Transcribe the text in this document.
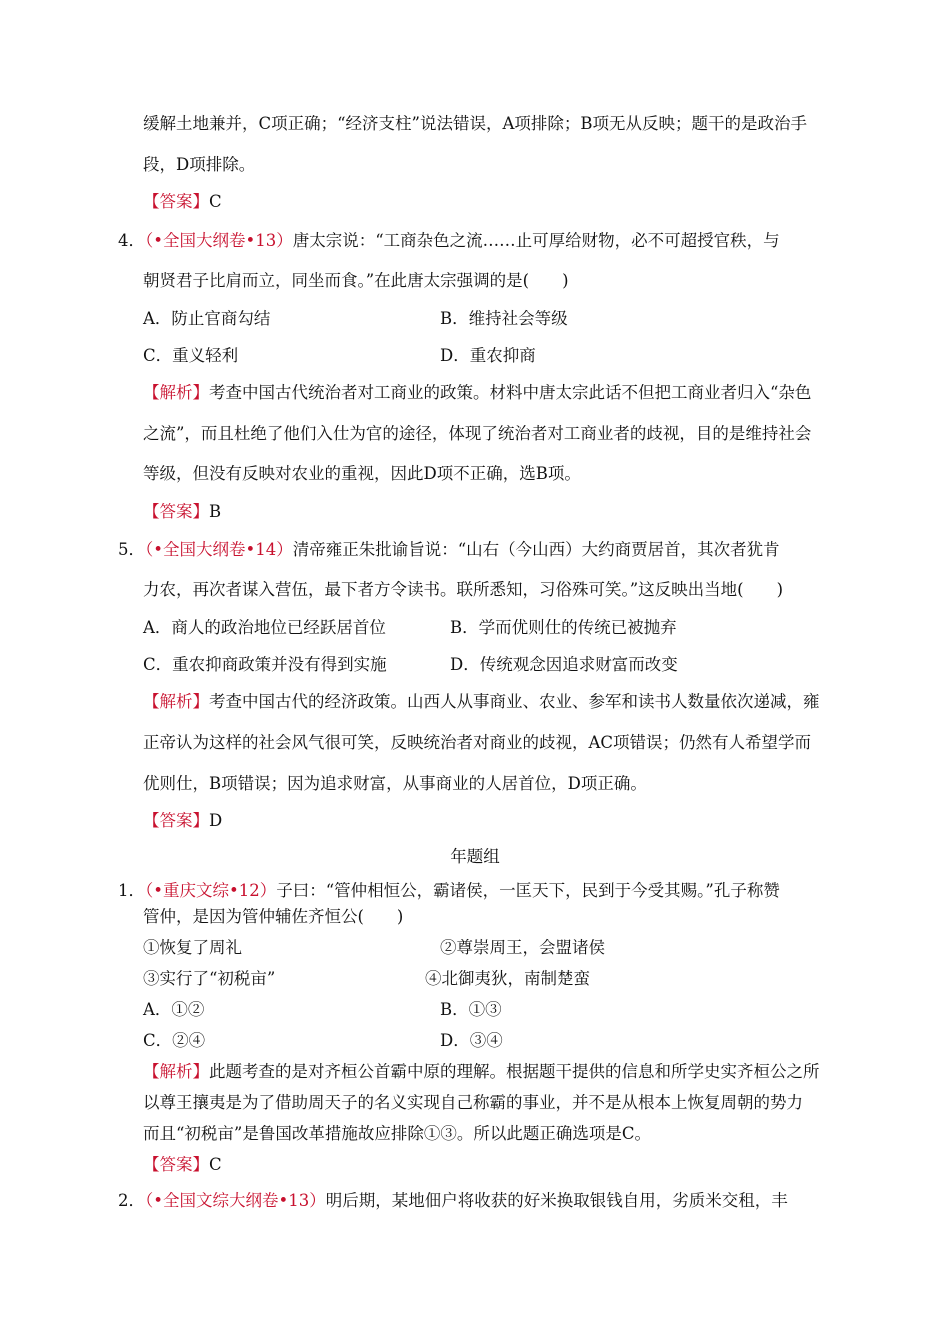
缓解土地兼并，C项正确；“经济支柱”说法错误，A项排除；B项无从反映；题干的是政治手
段，D项排除。
【答案】C
4．（•全国大纲卷•13）唐太宗说：“工商杂色之流……止可厚给财物，必不可超授官秩，与
朝贤君子比肩而立，同坐而食。”在此唐太宗强调的是(　　)
A．防止官商勾结	B．维持社会等级
C．重义轻利	D．重农抑商
【解析】考查中国古代统治者对工商业的政策。材料中唐太宗此话不但把工商业者归入“杂色
之流”，而且杜绝了他们入仕为官的途径，体现了统治者对工商业者的歧视，目的是维持社会
等级，但没有反映对农业的重视，因此D项不正确，选B项。
【答案】B
5．（•全国大纲卷•14）清帝雍正朱批谕旨说：“山右（今山西）大约商贾居首，其次者犹肯
力农，再次者谋入营伍，最下者方令读书。联所悉知，习俗殊可笑。”这反映出当地(　　)
A．商人的政治地位已经跃居首位	B．学而优则仕的传统已被抛弃
C．重农抑商政策并没有得到实施	D．传统观念因追求财富而改变
【解析】考查中国古代的经济政策。山西人从事商业、农业、参军和读书人数量依次递减，雍
正帝认为这样的社会风气很可笑，反映统治者对商业的歧视，AC项错误；仍然有人希望学而
优则仕，B项错误；因为追求财富，从事商业的人居首位，D项正确。
【答案】D
年题组
1．（•重庆文综•12）子曰：“管仲相恒公，霸诸侯，一匡天下，民到于今受其赐。”孔子称赞
管仲，是因为管仲辅佐齐恒公(　　)
①恢复了周礼	②尊崇周王，会盟诸侯
③实行了“初税亩”	④北御夷狄，南制楚蛮
A．①②	B．①③
C．②④	D．③④
【解析】此题考查的是对齐桓公首霸中原的理解。根据题干提供的信息和所学史实齐桓公之所
以尊王攘夷是为了借助周天子的名义实现自己称霸的事业，并不是从根本上恢复周朝的势力
而且“初税亩”是鲁国改革措施故应排除①③。所以此题正确选项是C。
【答案】C
2．（•全国文综大纲卷•13）明后期，某地佃户将收获的好米换取银钱自用，劣质米交租，丰
